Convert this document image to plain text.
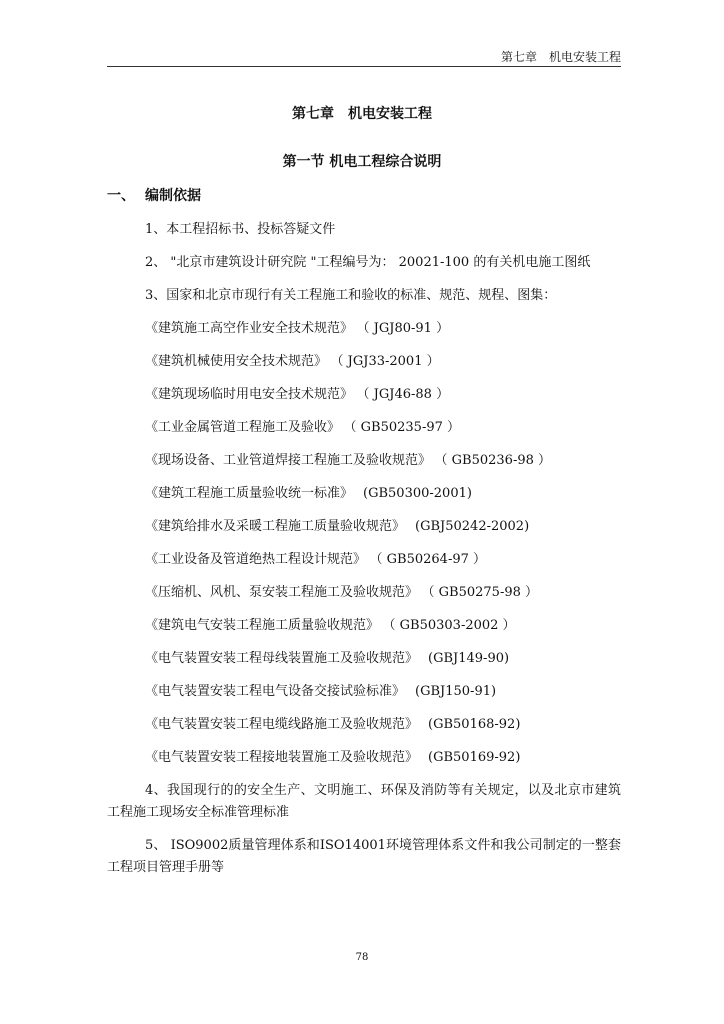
第七章　机电安装工程
第七章　机电安装工程
第一节 机电工程综合说明
一、 编制依据

1、本工程招标书、投标答疑文件

2、 "北京市建筑设计研究院 "工程编号为： 20021-100 的有关机电施工图纸

3、国家和北京市现行有关工程施工和验收的标准、规范、规程、图集：

《建筑施工高空作业安全技术规范》 （ JGJ80-91 ）
《建筑机械使用安全技术规范》 （ JGJ33-2001 ）
《建筑现场临时用电安全技术规范》 （ JGJ46-88 ）
《工业金属管道工程施工及验收》 （ GB50235-97 ）
《现场设备、工业管道焊接工程施工及验收规范》 （ GB50236-98 ）
《建筑工程施工质量验收统一标准》 (GB50300-2001)
《建筑给排水及采暖工程施工质量验收规范》 (GBJ50242-2002)
《工业设备及管道绝热工程设计规范》 （ GB50264-97 ）
《压缩机、风机、泵安装工程施工及验收规范》 （ GB50275-98 ）
《建筑电气安装工程施工质量验收规范》 （ GB50303-2002 ）
《电气装置安装工程母线装置施工及验收规范》 (GBJ149-90)
《电气装置安装工程电气设备交接试验标准》 (GBJ150-91)
《电气装置安装工程电缆线路施工及验收规范》 (GB50168-92)
《电气装置安装工程接地装置施工及验收规范》 (GB50169-92)

4、我国现行的的安全生产、文明施工、环保及消防等有关规定，以及北京市建筑工程施工现场安全标准管理标准

5、 ISO9002质量管理体系和ISO14001环境管理体系文件和我公司制定的一整套工程项目管理手册等

78
